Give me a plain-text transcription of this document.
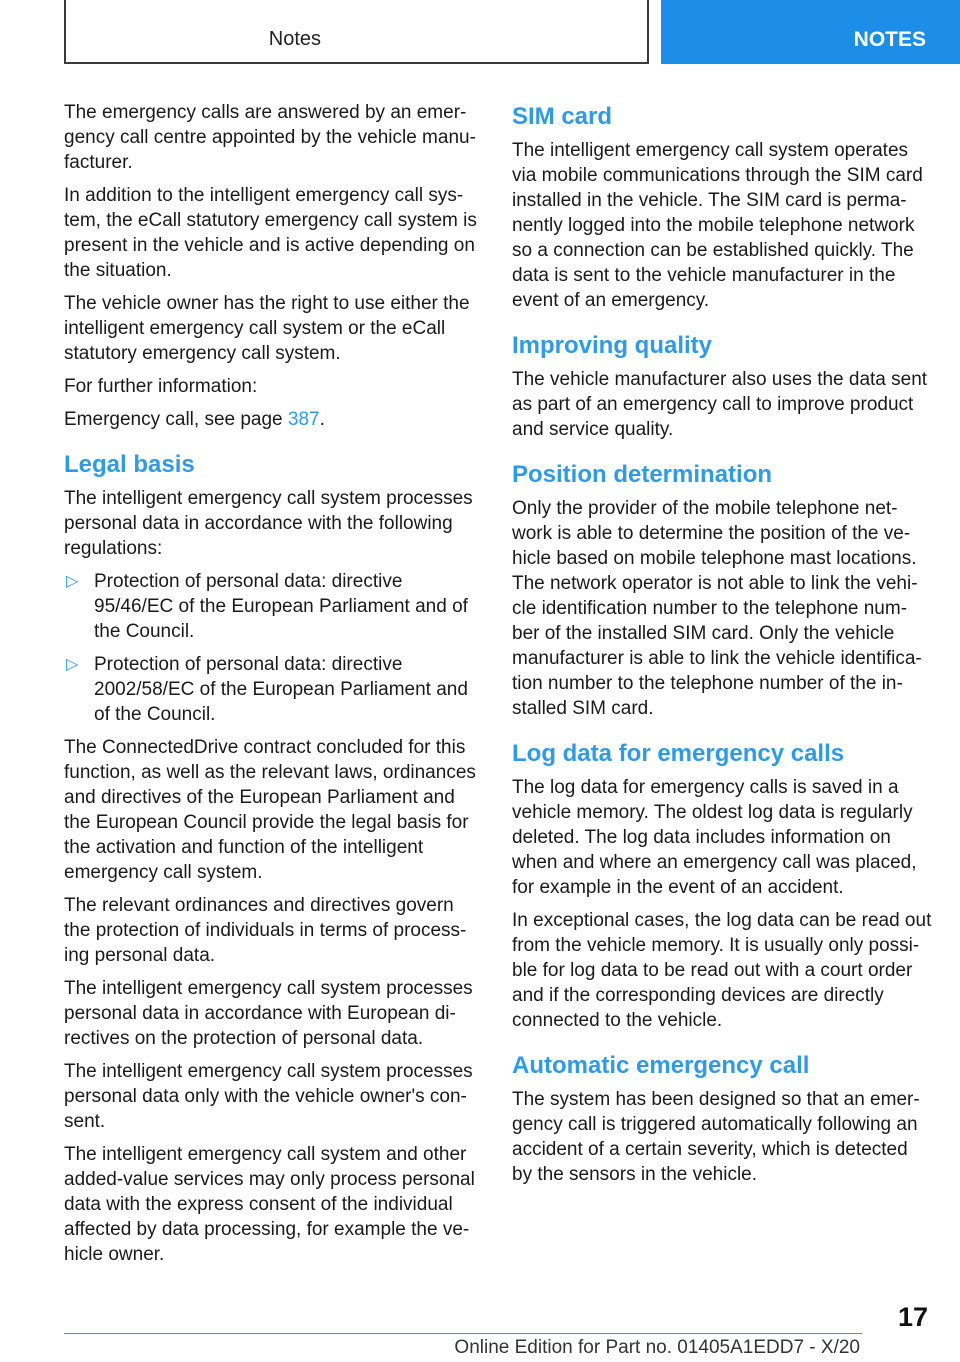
Notes	NOTES

The emergency calls are answered by an emer-gency call centre appointed by the vehicle manu-facturer.

In addition to the intelligent emergency call sys-tem, the eCall statutory emergency call system is present in the vehicle and is active depending on the situation.

The vehicle owner has the right to use either the intelligent emergency call system or the eCall statutory emergency call system.

For further information:

Emergency call, see page 387.

Legal basis

The intelligent emergency call system processes personal data in accordance with the following regulations:

▷ Protection of personal data: directive 95/46/EC of the European Parliament and of the Council.
▷ Protection of personal data: directive 2002/58/EC of the European Parliament and of the Council.

The ConnectedDrive contract concluded for this function, as well as the relevant laws, ordinances and directives of the European Parliament and the European Council provide the legal basis for the activation and function of the intelligent emergency call system.

The relevant ordinances and directives govern the protection of individuals in terms of process-ing personal data.

The intelligent emergency call system processes personal data in accordance with European di-rectives on the protection of personal data.

The intelligent emergency call system processes personal data only with the vehicle owner's con-sent.

The intelligent emergency call system and other added-value services may only process personal data with the express consent of the individual affected by data processing, for example the ve-hicle owner.

SIM card

The intelligent emergency call system operates via mobile communications through the SIM card installed in the vehicle. The SIM card is perma-nently logged into the mobile telephone network so a connection can be established quickly. The data is sent to the vehicle manufacturer in the event of an emergency.

Improving quality

The vehicle manufacturer also uses the data sent as part of an emergency call to improve product and service quality.

Position determination

Only the provider of the mobile telephone net-work is able to determine the position of the ve-hicle based on mobile telephone mast locations. The network operator is not able to link the vehi-cle identification number to the telephone num-ber of the installed SIM card. Only the vehicle manufacturer is able to link the vehicle identifica-tion number to the telephone number of the in-stalled SIM card.

Log data for emergency calls

The log data for emergency calls is saved in a vehicle memory. The oldest log data is regularly deleted. The log data includes information on when and where an emergency call was placed, for example in the event of an accident.

In exceptional cases, the log data can be read out from the vehicle memory. It is usually only possi-ble for log data to be read out with a court order and if the corresponding devices are directly connected to the vehicle.

Automatic emergency call

The system has been designed so that an emer-gency call is triggered automatically following an accident of a certain severity, which is detected by the sensors in the vehicle.

17
Online Edition for Part no. 01405A1EDD7 - X/20
